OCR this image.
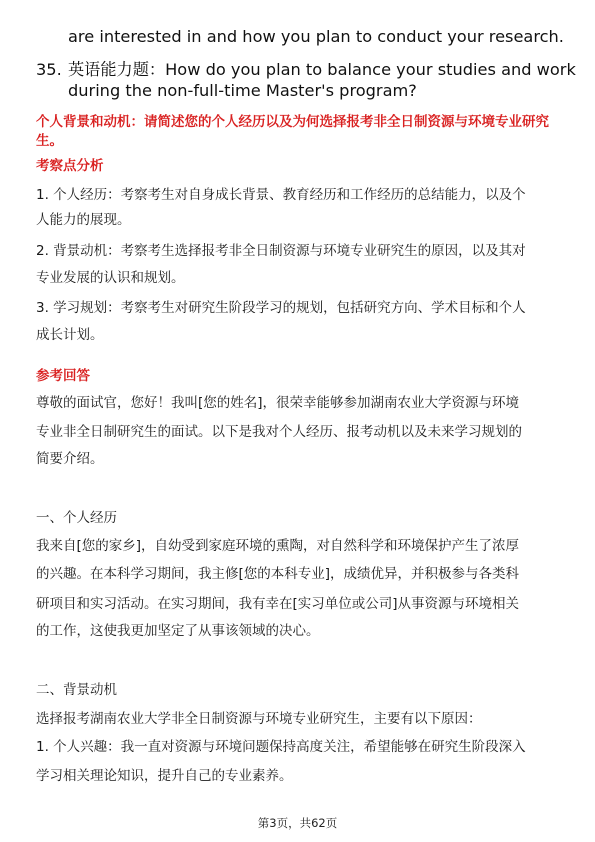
are interested in and how you plan to conduct your research.
35. 英语能力题：How do you plan to balance your studies and work
during the non-full-time Master's program?
个人背景和动机：请简述您的个人经历以及为何选择报考非全日制资源与环境专业研究生。
考察点分析
1. 个人经历：考察考生对自身成长背景、教育经历和工作经历的总结能力，以及个
人能力的展现。
2. 背景动机：考察考生选择报考非全日制资源与环境专业研究生的原因，以及其对
专业发展的认识和规划。
3. 学习规划：考察考生对研究生阶段学习的规划，包括研究方向、学术目标和个人
成长计划。
参考回答
尊敬的面试官，您好！我叫[您的姓名]，很荣幸能够参加湖南农业大学资源与环境
专业非全日制研究生的面试。以下是我对个人经历、报考动机以及未来学习规划的
简要介绍。
一、个人经历
我来自[您的家乡]，自幼受到家庭环境的熏陶，对自然科学和环境保护产生了浓厚
的兴趣。在本科学习期间，我主修[您的本科专业]，成绩优异，并积极参与各类科
研项目和实习活动。在实习期间，我有幸在[实习单位或公司]从事资源与环境相关
的工作，这使我更加坚定了从事该领域的决心。
二、背景动机
选择报考湖南农业大学非全日制资源与环境专业研究生，主要有以下原因：
1. 个人兴趣：我一直对资源与环境问题保持高度关注，希望能够在研究生阶段深入
学习相关理论知识，提升自己的专业素养。
第3页，共62页
